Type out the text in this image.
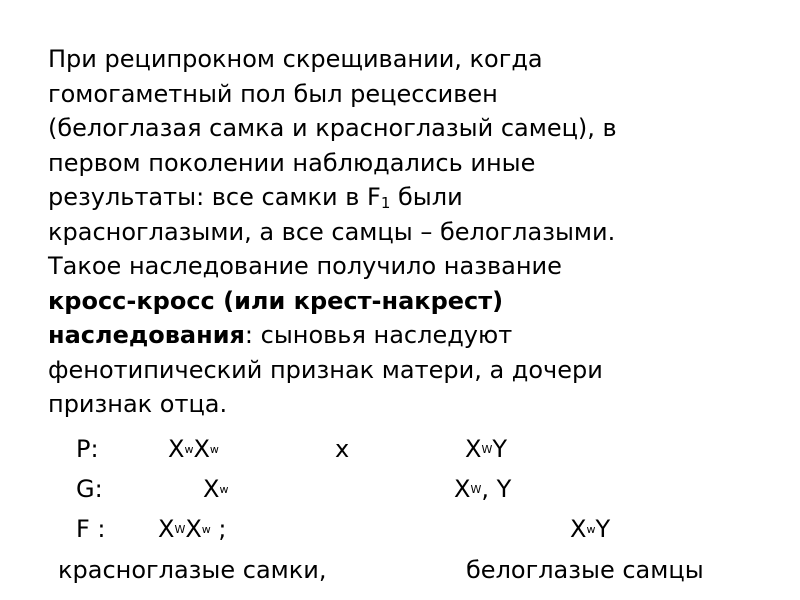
При реципрокном скрещивании, когда
гомогаметный пол был рецессивен
(белоглазая самка и красноглазый самец), в
первом поколении наблюдались иные
результаты: все самки в $F_1$ были
красноглазыми, а все самцы – белоглазыми.
Такое наследование получило название
кросс-кросс (или крест-накрест)
наследования: сыновья наследуют
фенотипический признак матери, а дочери
признак отца.
P:	XwXw	x	XWY
G:	Xw	XW, Y
F : XWXw ;	XwY
красноглазые самки,	белоглазые самцы
